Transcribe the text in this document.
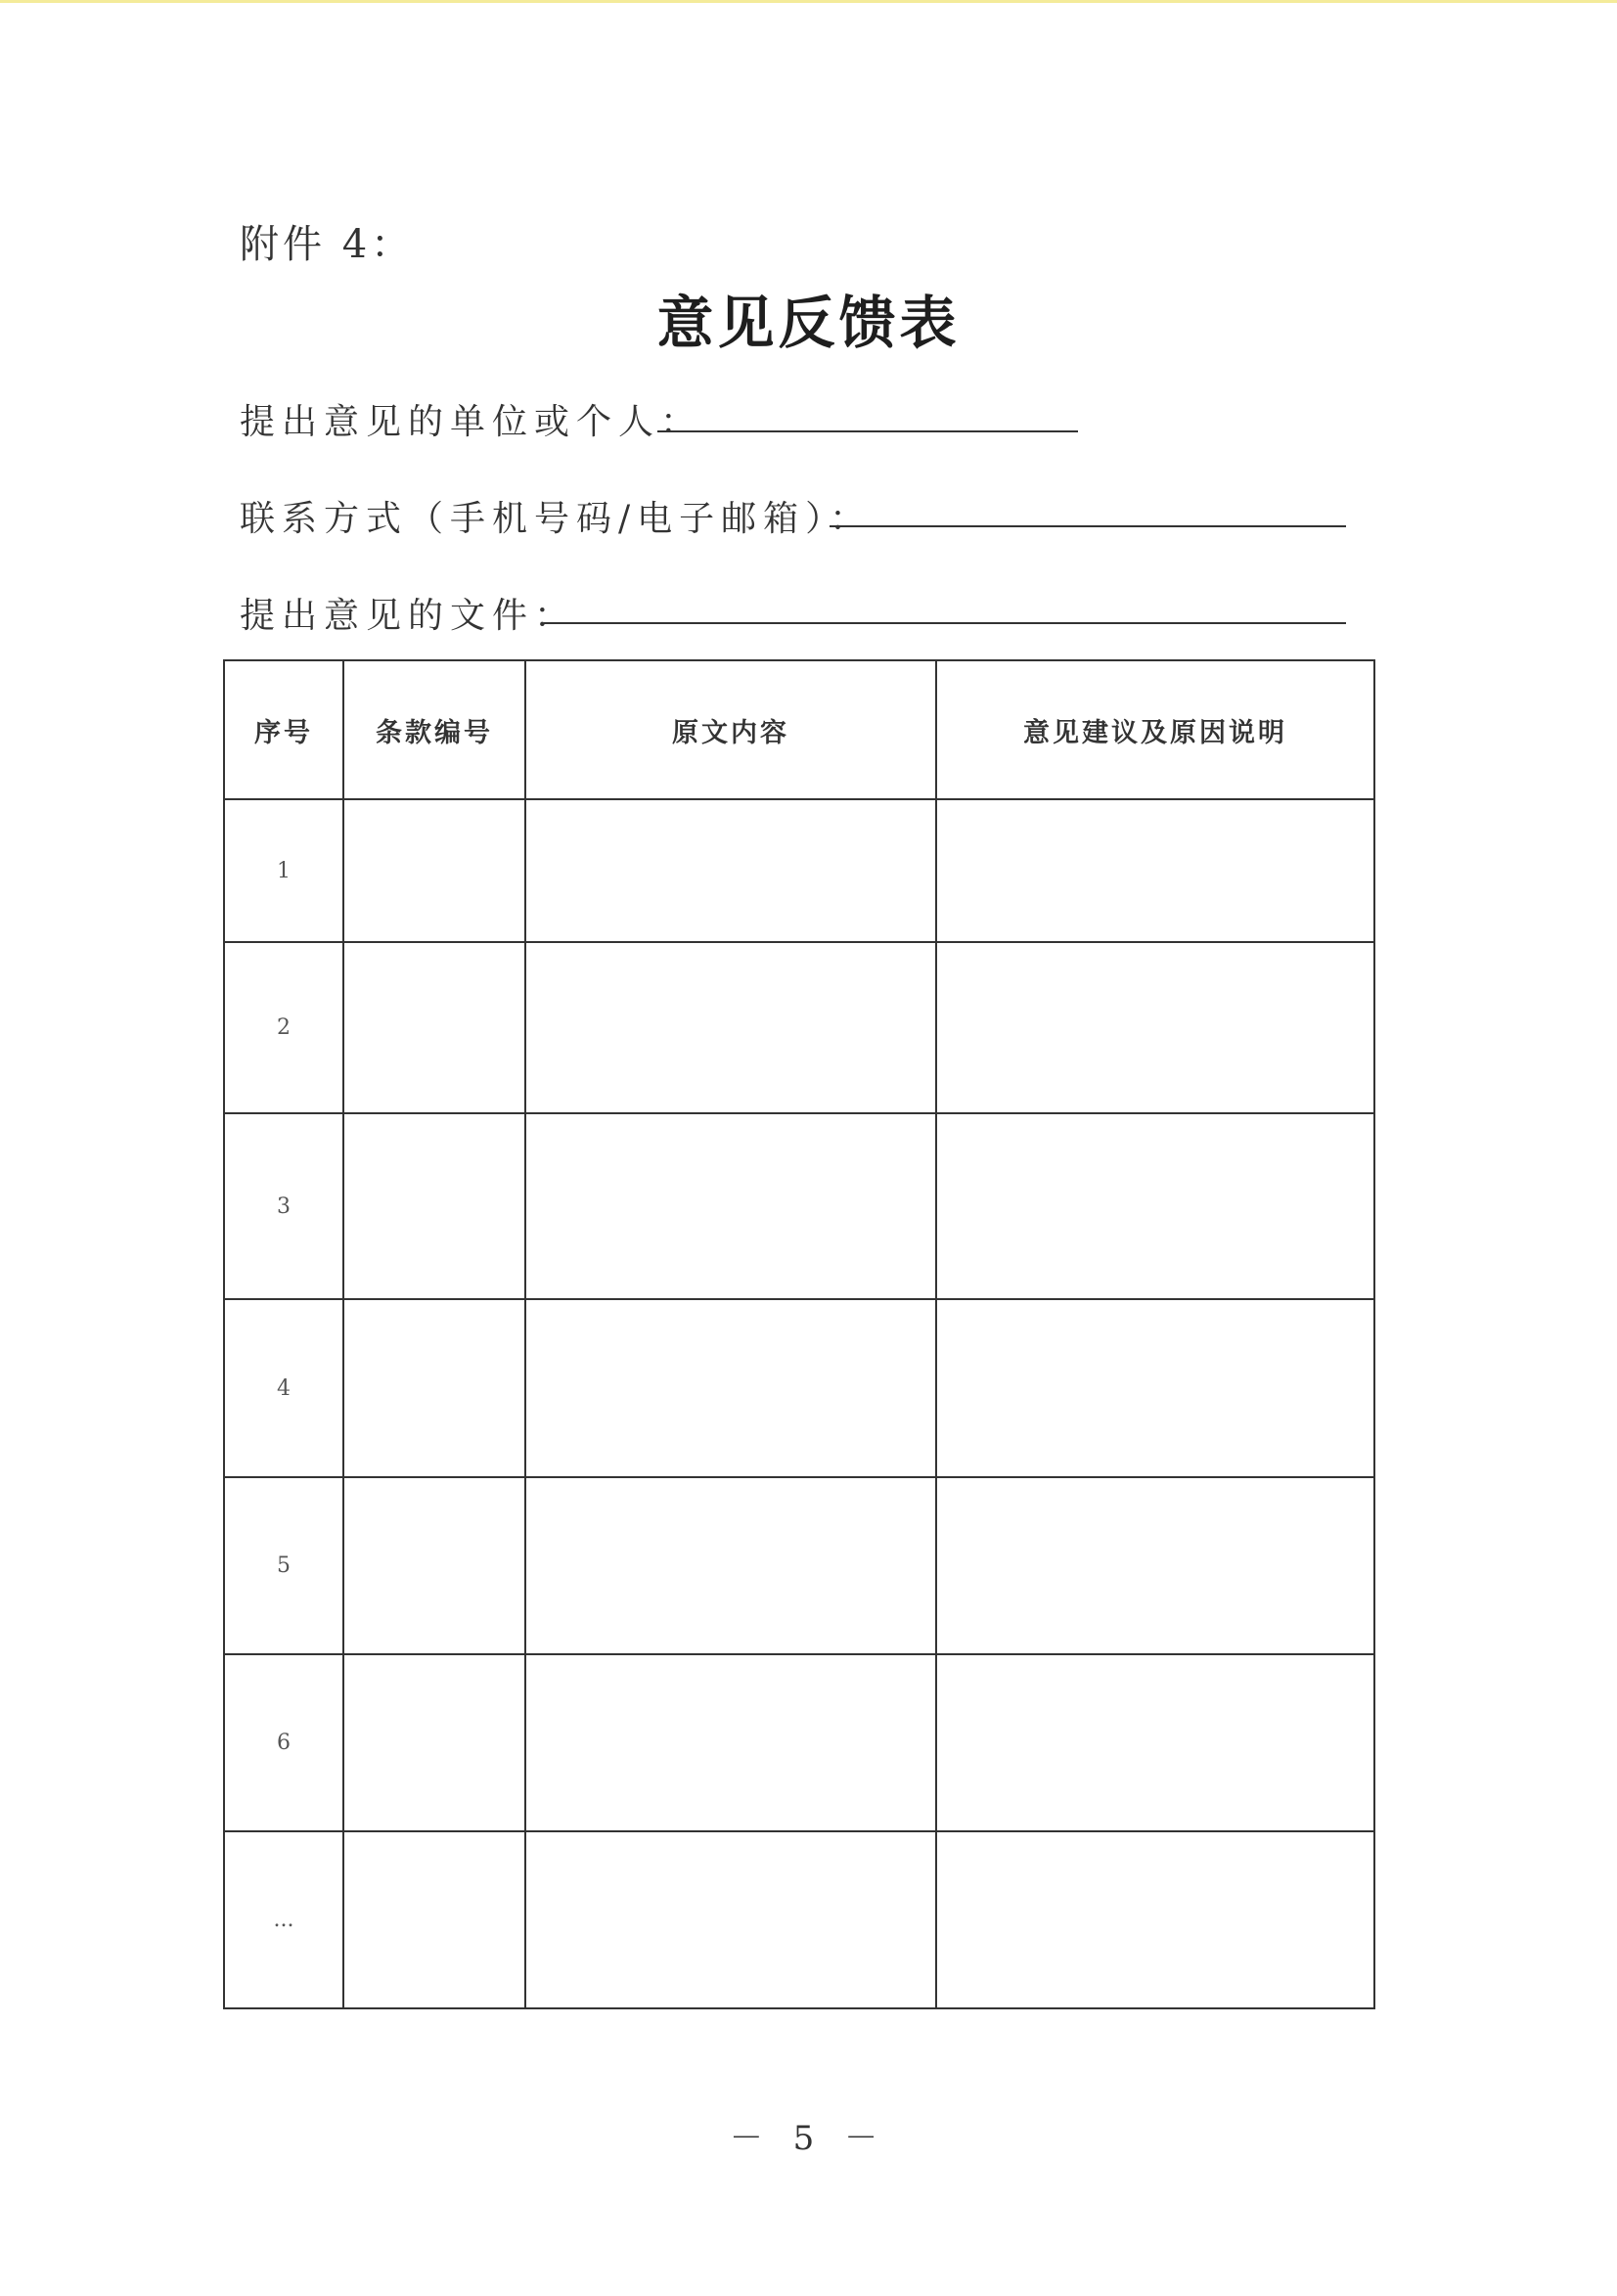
附件 4：
意见反馈表
提出意见的单位或个人：
联系方式（手机号码/电子邮箱）：
提出意见的文件：
序号	条款编号	原文内容	意见建议及原因说明
1			
2			
3			
4			
5			
6			
...			
－ 5 －
